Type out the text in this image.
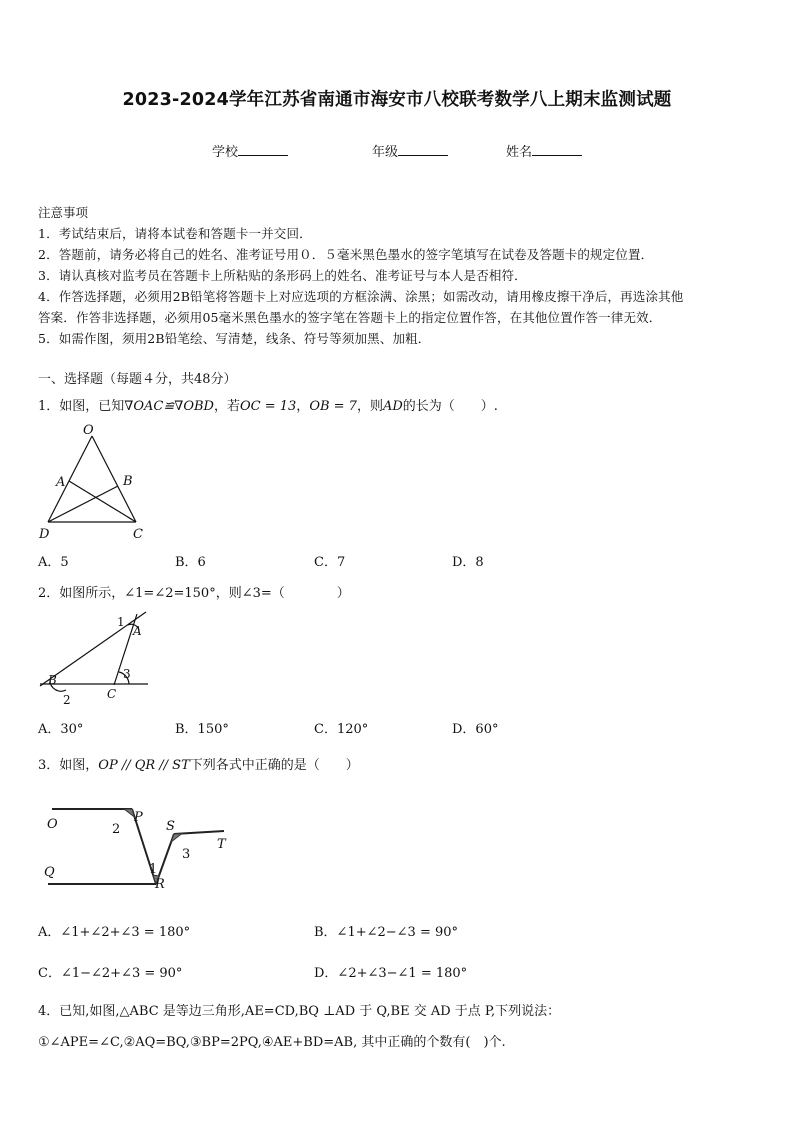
2023-2024学年江苏省南通市海安市八校联考数学八上期末监测试题
学校	年级	姓名
注意事项
1．考试结束后，请将本试卷和答题卡一并交回．
2．答题前，请务必将自己的姓名、准考证号用０．５毫米黑色墨水的签字笔填写在试卷及答题卡的规定位置．
3．请认真核对监考员在答题卡上所粘贴的条形码上的姓名、准考证号与本人是否相符．
4．作答选择题，必须用2B铅笔将答题卡上对应选项的方框涂满、涂黑；如需改动，请用橡皮擦干净后，再选涂其他
答案．作答非选择题，必须用05毫米黑色墨水的签字笔在答题卡上的指定位置作答，在其他位置作答一律无效．
5．如需作图，须用2B铅笔绘、写清楚，线条、符号等须加黑、加粗．
一、选择题（每题４分，共48分）
1．如图，已知∇OAC≌∇OBD，若OC = 13，OB = 7，则AD的长为（　　）.
O
A	B
D	C
A．5	B．6	C．7	D．8
2．如图所示，∠1=∠2=150°，则∠3=（　　　　）
1
A
3
B
C
2
A．30°	B．150°	C．120°	D．60°
3．如图，OP // QR // ST下列各式中正确的是（　　）
O	P
2	S
T
3
1
Q
R
A．∠1+∠2+∠3 = 180°	B．∠1+∠2−∠3 = 90°
C．∠1−∠2+∠3 = 90°	D．∠2+∠3−∠1 = 180°
4．已知,如图,△ABC 是等边三角形,AE=CD,BQ ⊥AD 于 Q,BE 交 AD 于点 P,下列说法：
①∠APE=∠C,②AQ=BQ,③BP=2PQ,④AE+BD=AB, 其中正确的个数有(　)个.
